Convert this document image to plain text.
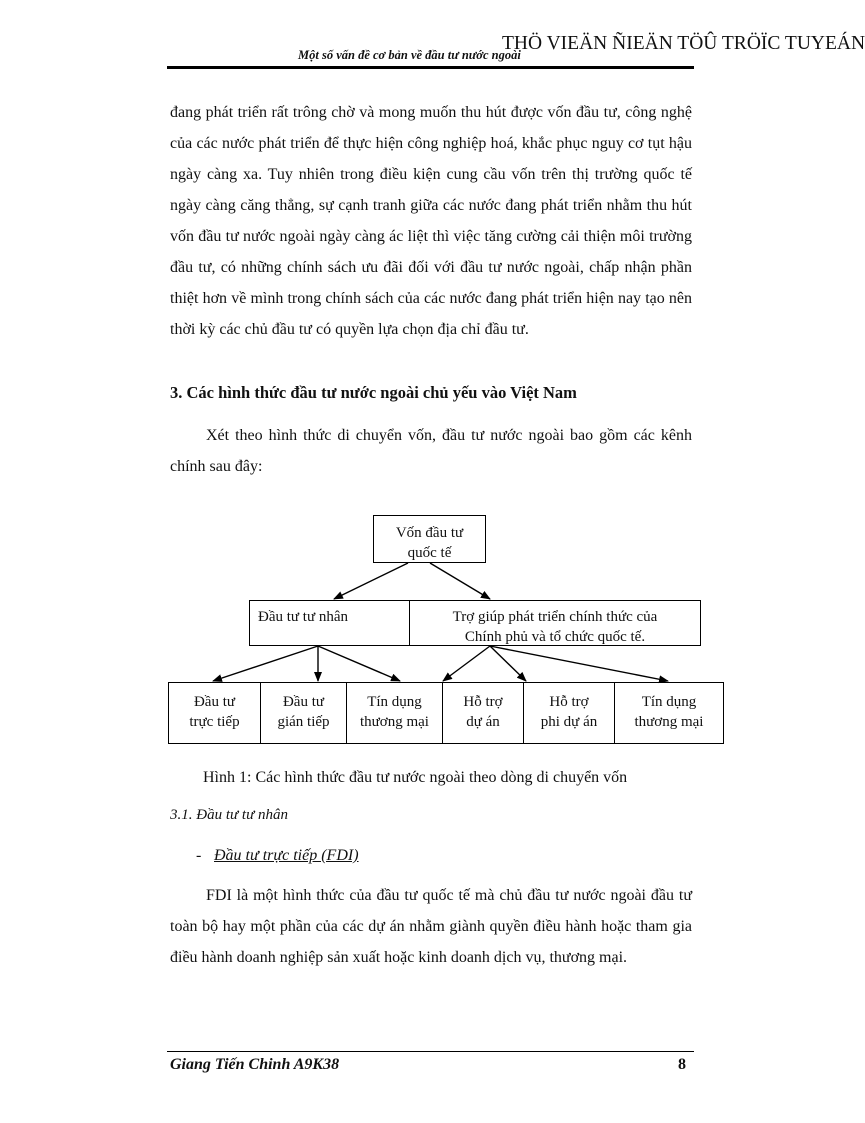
THÖ VIEÄN ÑIEÄN TÖÛ TRÖÏC TUYEÁN
Một số vấn đề cơ bản về đầu tư nước ngoài
đang phát triển rất trông chờ và mong muốn thu hút được vốn đầu tư, công nghệ của các nước phát triển để thực hiện công nghiệp hoá, khắc phục nguy cơ tụt hậu ngày càng xa. Tuy nhiên trong điều kiện cung cầu vốn trên thị trường quốc tế ngày càng căng thẳng, sự cạnh tranh giữa các nước đang phát triển nhằm thu hút vốn đầu tư nước ngoài ngày càng ác liệt thì việc tăng cường cải thiện môi trường đầu tư, có những chính sách ưu đãi đối với đầu tư nước ngoài, chấp nhận phần thiệt hơn về mình trong chính sách của các nước đang phát triển hiện nay tạo nên thời kỳ các chủ đầu tư có quyền lựa chọn địa chỉ đầu tư.
3. Các hình thức đầu tư nước ngoài chủ yếu vào Việt Nam
Xét theo hình thức di chuyển vốn, đầu tư nước ngoài bao gồm các kênh chính sau đây:
Vốn đầu tư
quốc tế
Đầu tư tư nhân	Trợ giúp phát triển chính thức của
Chính phủ và tổ chức quốc tế.
Đầu tư
trực tiếp
Đầu tư
gián tiếp
Tín dụng
thương mại
Hỗ trợ
dự án
Hỗ trợ
phi dự án
Tín dụng
thương mại
Hình 1: Các hình thức đầu tư nước ngoài theo dòng di chuyển vốn
3.1. Đầu tư tư nhân
- Đầu tư trực tiếp (FDI)
FDI là một hình thức của đầu tư quốc tế mà chủ đầu tư nước ngoài đầu tư toàn bộ hay một phần của các dự án nhằm giành quyền điều hành hoặc tham gia điều hành doanh nghiệp sản xuất hoặc kinh doanh dịch vụ, thương mại.
Giang Tiến Chinh A9K38	8
